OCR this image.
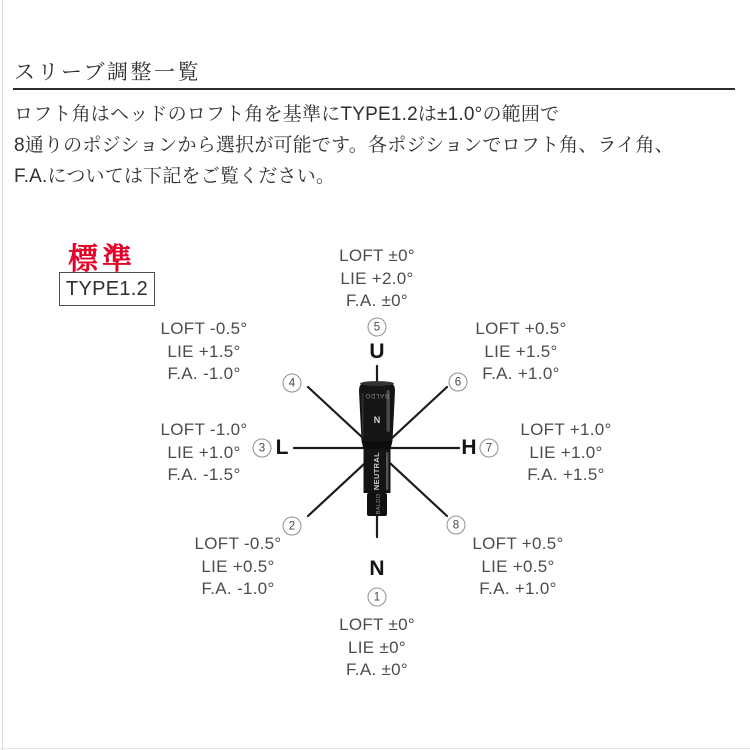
スリーブ調整一覧
ロフト角はヘッドのロフト角を基準にTYPE1.2は±1.0°の範囲で
8通りのポジションから選択が可能です。各ポジションでロフト角、ライ角、
F.A.については下記をご覧ください。
標準
TYPE1.2
BALDO
N
NEUTRAL
BALDO
LOFT ±0°
LIE +2.0°
F.A. ±0°
5
U
LOFT -0.5°
LIE +1.5°
F.A. -1.0°	4
LOFT +0.5°
LIE +1.5°
F.A. +1.0°
6
LOFT -1.0°
LIE +1.0°
F.A. -1.5°
3 L
LOFT +1.0°
LIE +1.0°
F.A. +1.5°
H 7
LOFT -0.5°
LIE +0.5°
F.A. -1.0°
2
LOFT +0.5°
LIE +0.5°
F.A. +1.0°
8
N
1
LOFT ±0°
LIE ±0°
F.A. ±0°
